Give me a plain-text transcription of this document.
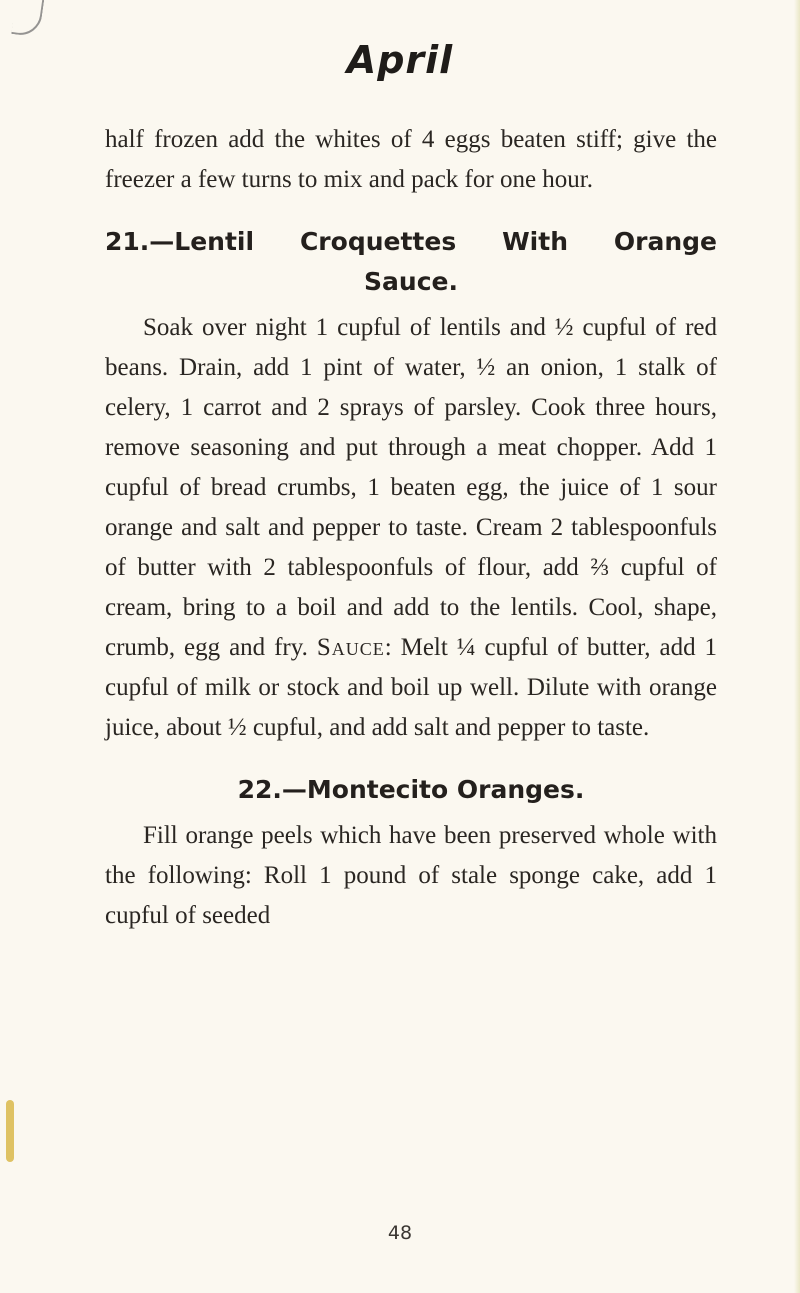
April

half frozen add the whites of 4 eggs beaten stiff; give the freezer a few turns to mix and pack for one hour.

21.—Lentil Croquettes With Orange
Sauce.

Soak over night 1 cupful of lentils and ½ cupful of red beans. Drain, add 1 pint of water, ½ an onion, 1 stalk of celery, 1 carrot and 2 sprays of parsley. Cook three hours, remove seasoning and put through a meat chopper. Add 1 cupful of bread crumbs, 1 beaten egg, the juice of 1 sour orange and salt and pepper to taste. Cream 2 tablespoonfuls of butter with 2 tablespoonfuls of flour, add ⅔ cupful of cream, bring to a boil and add to the lentils. Cool, shape, crumb, egg and fry. Sauce: Melt ¼ cupful of butter, add 1 cupful of milk or stock and boil up well. Dilute with orange juice, about ½ cupful, and add salt and pepper to taste.

22.—Montecito Oranges.

Fill orange peels which have been preserved whole with the following: Roll 1 pound of stale sponge cake, add 1 cupful of seeded

48
